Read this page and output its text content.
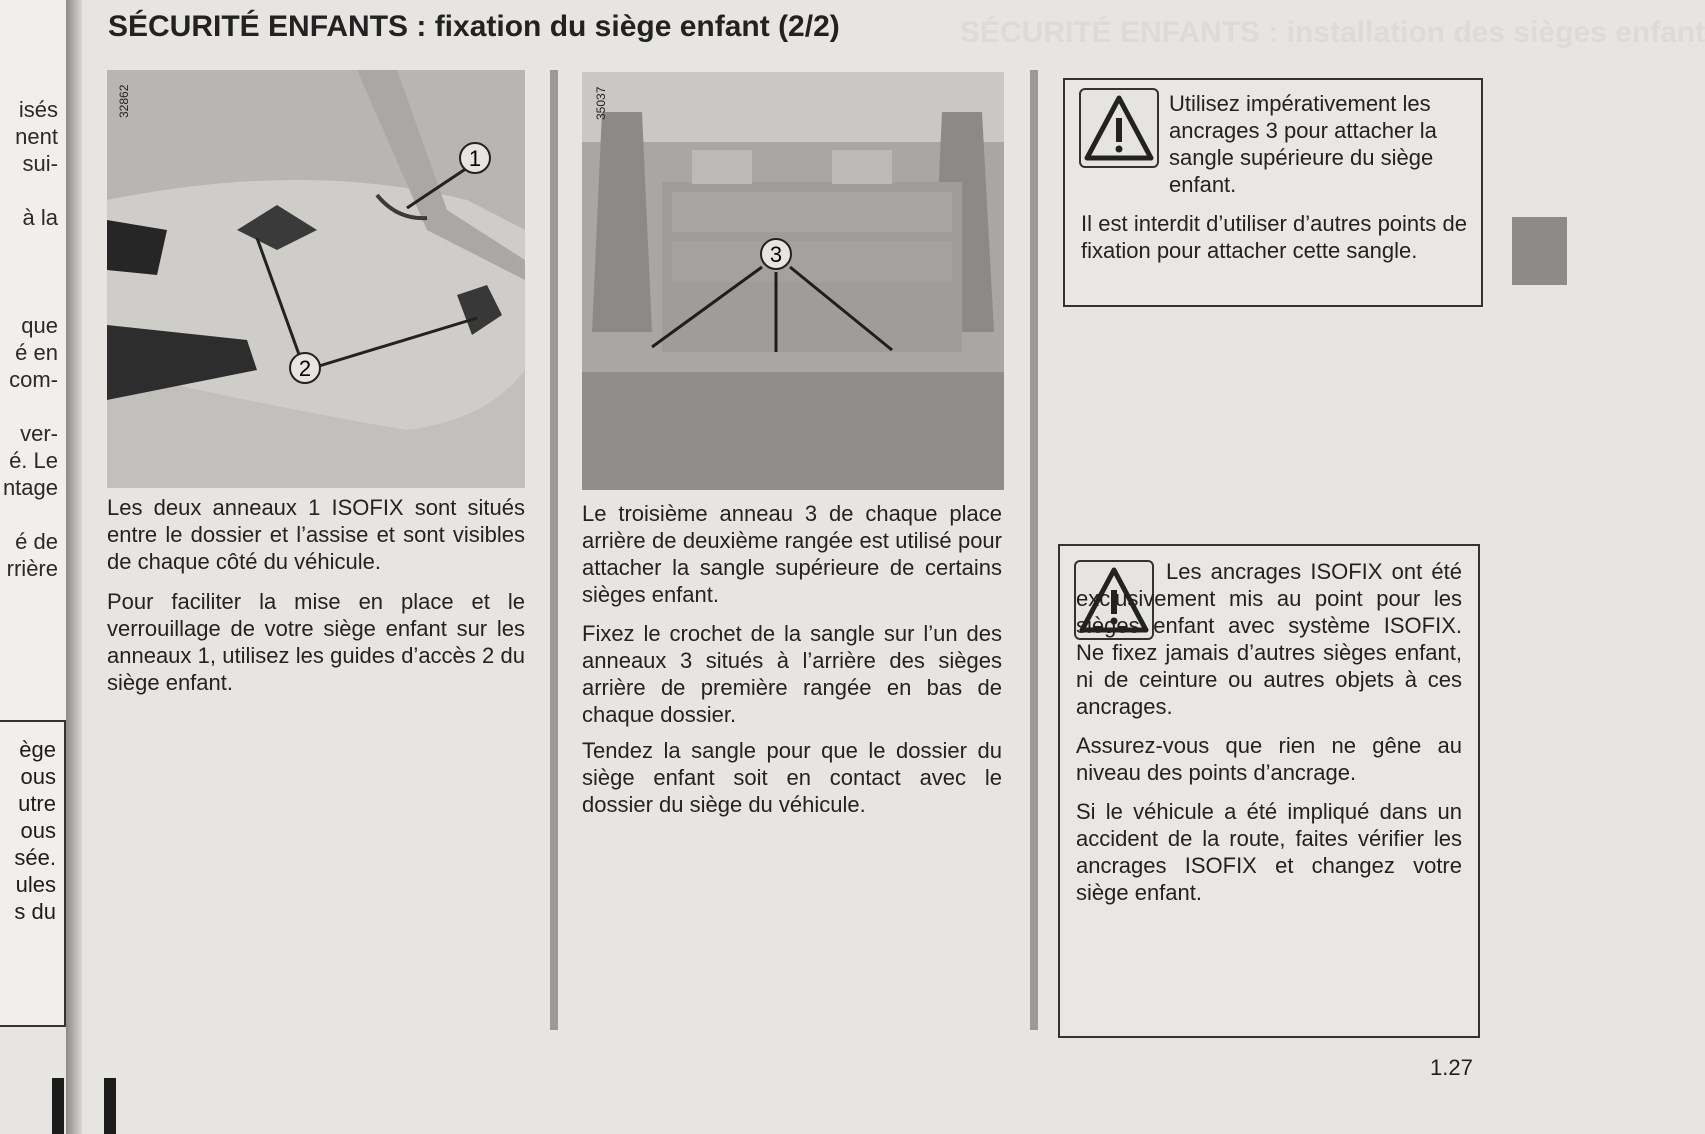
isés
nent
sui-
à la
que
é en
com-
ver-
é. Le
ntage
é de
rrière
ège
ous
utre
ous
sée.
ules
s du
SÉCURITÉ ENFANTS : installation des sièges enfant
SÉCURITÉ ENFANTS : fixation du siège enfant (2/2)
1
2
32862
3
35037
Les deux anneaux 1 ISOFIX sont situés entre le dossier et l’assise et sont visibles de chaque côté du véhicule.
Pour faciliter la mise en place et le verrouillage de votre siège enfant sur les anneaux 1, utilisez les guides d’accès 2 du siège enfant.
Le troisième anneau 3 de chaque place arrière de deuxième rangée est utilisé pour attacher la sangle supérieure de certains sièges enfant.
Fixez le crochet de la sangle sur l’un des anneaux 3 situés à l’arrière des sièges arrière de première rangée en bas de chaque dossier.
Tendez la sangle pour que le dossier du siège enfant soit en contact avec le dossier du siège du véhicule.
Utilisez impérativement les ancrages 3 pour attacher la sangle supérieure du siège enfant.
Il est interdit d’utiliser d’autres points de fixation pour attacher cette sangle.

Les ancrages ISOFIX ont été exclusivement mis au point pour les sièges enfant avec système ISOFIX. Ne fixez jamais d’autres sièges enfant, ni de ceinture ou autres objets à ces ancrages.

Assurez-vous que rien ne gêne au niveau des points d’ancrage.

Si le véhicule a été impliqué dans un accident de la route, faites vérifier les ancrages ISOFIX et changez votre siège enfant.

1.27
